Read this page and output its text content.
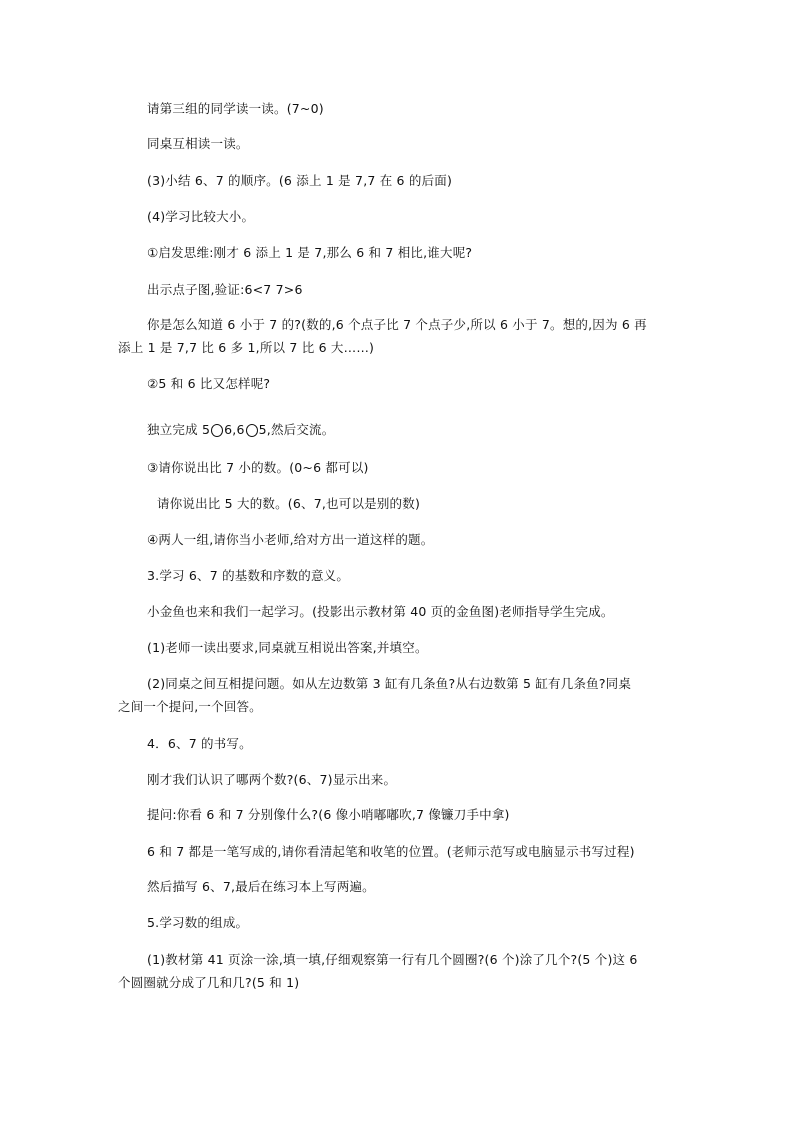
请第三组的同学读一读。(7~0)
同桌互相读一读。
(3)小结 6、7 的顺序。(6 添上 1 是 7,7 在 6 的后面)
(4)学习比较大小。
①启发思维:刚才 6 添上 1 是 7,那么 6 和 7 相比,谁大呢?
出示点子图,验证:6<7 7>6
你是怎么知道 6 小于 7 的?(数的,6 个点子比 7 个点子少,所以 6 小于 7。想的,因为 6 再
添上 1 是 7,7 比 6 多 1,所以 7 比 6 大……)
②5 和 6 比又怎样呢?
独立完成 5 6,6 5,然后交流。
③请你说出比 7 小的数。(0~6 都可以)
请你说出比 5 大的数。(6、7,也可以是别的数)
④两人一组,请你当小老师,给对方出一道这样的题。
3.学习 6、7 的基数和序数的意义。
小金鱼也来和我们一起学习。(投影出示教材第 40 页的金鱼图)老师指导学生完成。
(1)老师一读出要求,同桌就互相说出答案,并填空。
(2)同桌之间互相提问题。如从左边数第 3 缸有几条鱼?从右边数第 5 缸有几条鱼?同桌
之间一个提问,一个回答。
4．6、7 的书写。
刚才我们认识了哪两个数?(6、7)显示出来。
提问:你看 6 和 7 分别像什么?(6 像小哨嘟嘟吹,7 像镰刀手中拿)
6 和 7 都是一笔写成的,请你看清起笔和收笔的位置。(老师示范写或电脑显示书写过程)
然后描写 6、7,最后在练习本上写两遍。
5.学习数的组成。
(1)教材第 41 页涂一涂,填一填,仔细观察第一行有几个圆圈?(6 个)涂了几个?(5 个)这 6
个圆圈就分成了几和几?(5 和 1)
